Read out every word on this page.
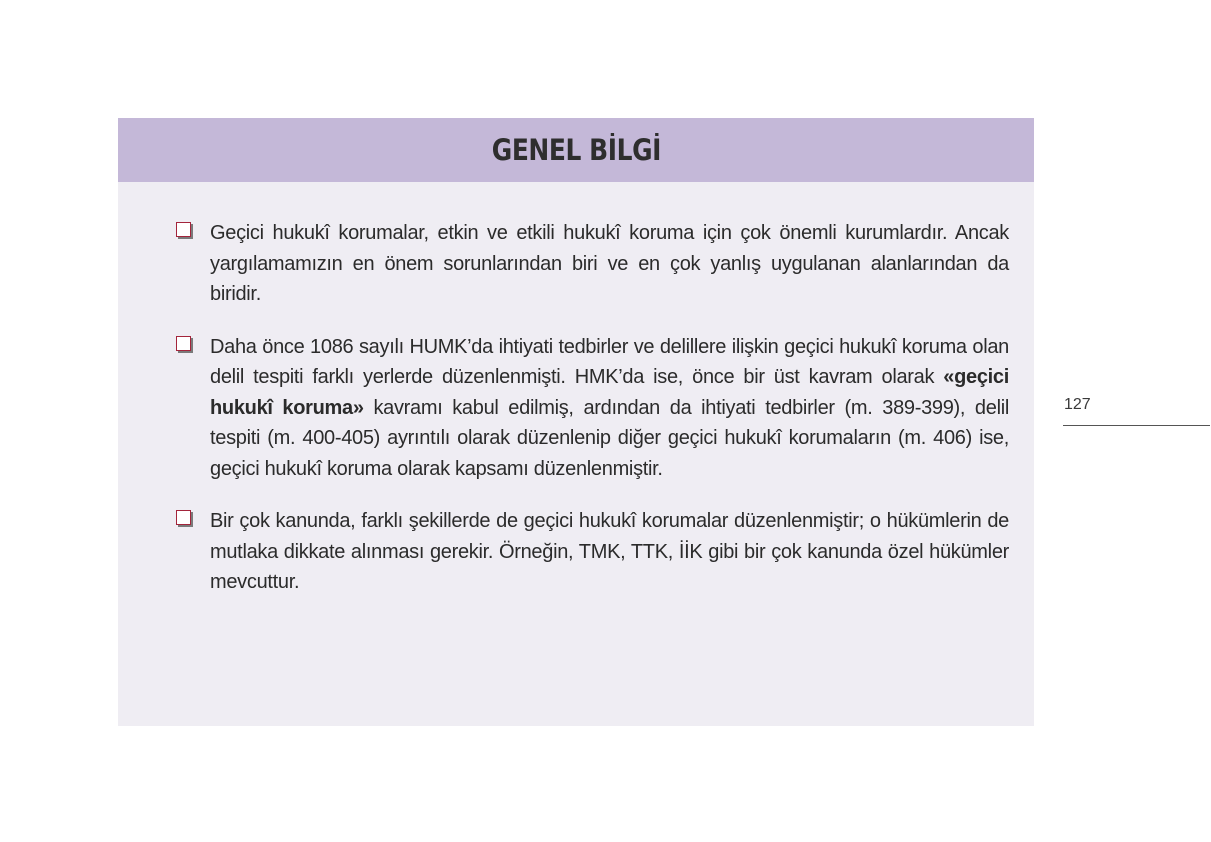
GENEL BİLGİ
Geçici hukukî korumalar, etkin ve etkili hukukî koruma için çok önemli kurumlardır. Ancak yargılamamızın en önem sorunlarından biri ve en çok yanlış uygulanan alanlarından da biridir.
Daha önce 1086 sayılı HUMK’da ihtiyati tedbirler ve delillere ilişkin geçici hukukî koruma olan delil tespiti farklı yerlerde düzenlenmişti. HMK’da ise, önce bir üst kavram olarak «geçici hukukî koruma» kavramı kabul edilmiş, ardından da ihtiyati tedbirler (m. 389-399), delil tespiti (m. 400-405) ayrıntılı olarak düzenlenip diğer geçici hukukî korumaların (m. 406) ise, geçici hukukî koruma olarak kapsamı düzenlenmiştir.
Bir çok kanunda, farklı şekillerde de geçici hukukî korumalar düzenlenmiştir; o hükümlerin de mutlaka dikkate alınması gerekir. Örneğin, TMK, TTK, İİK gibi bir çok kanunda özel hükümler mevcuttur.
127
